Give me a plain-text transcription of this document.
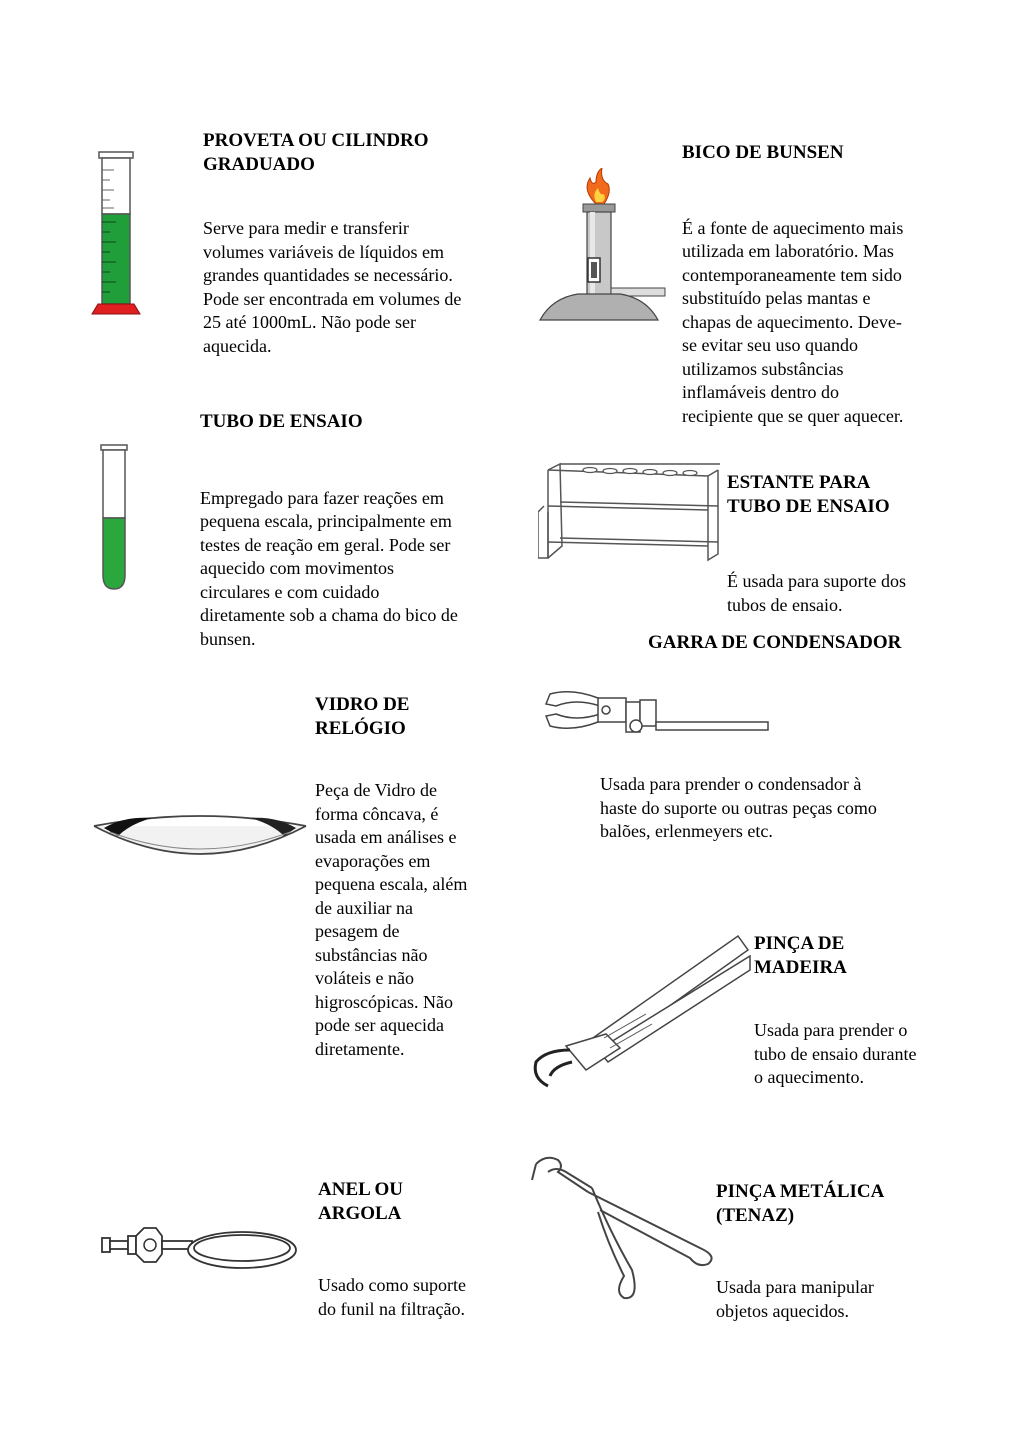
PROVETA OU CILINDRO
GRADUADO

Serve para medir e transferir
volumes variáveis de líquidos em
grandes quantidades se necessário.
Pode ser encontrada em volumes de
25 até 1000mL. Não pode ser
aquecida.

BICO DE BUNSEN

É a fonte de aquecimento mais
utilizada em laboratório. Mas
contemporaneamente tem sido
substituído pelas mantas e
chapas de aquecimento. Deve-
se evitar seu uso quando
utilizamos substâncias
inflamáveis dentro do
recipiente que se quer aquecer.

TUBO DE ENSAIO

Empregado para fazer reações em
pequena escala, principalmente em
testes de reação em geral. Pode ser
aquecido com movimentos
circulares e com cuidado
diretamente sob a chama do bico de
bunsen.

ESTANTE PARA
TUBO DE ENSAIO

É usada para suporte dos
tubos de ensaio.

GARRA DE CONDENSADOR

Usada para prender o condensador à
haste do suporte ou outras peças como
balões, erlenmeyers etc.

VIDRO DE
RELÓGIO

Peça de Vidro de
forma côncava, é
usada em análises e
evaporações em
pequena escala, além
de auxiliar na
pesagem de
substâncias não
voláteis e não
higroscópicas. Não
pode ser aquecida
diretamente.

PINÇA DE
MADEIRA

Usada para prender o
tubo de ensaio durante
o aquecimento.

ANEL OU
ARGOLA

Usado como suporte
do funil na filtração.

PINÇA METÁLICA
(TENAZ)

Usada para manipular
objetos aquecidos.
